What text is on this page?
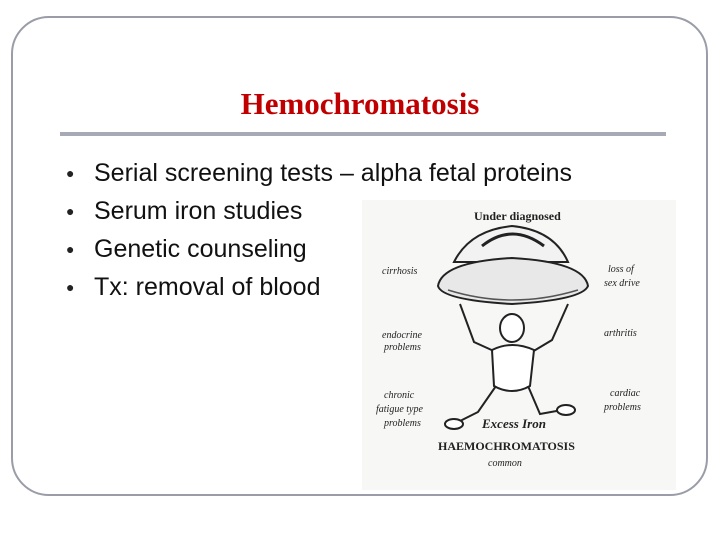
Hemochromatosis
● Serial screening tests – alpha fetal proteins
● Serum iron studies
● Genetic counseling
● Tx: removal of blood
Under diagnosed
cirrhosis
endocrine
problems
chronic
fatigue type
problems
loss of
sex drive
arthritis
cardiac
problems
Excess Iron
HAEMOCHROMATOSIS
common
